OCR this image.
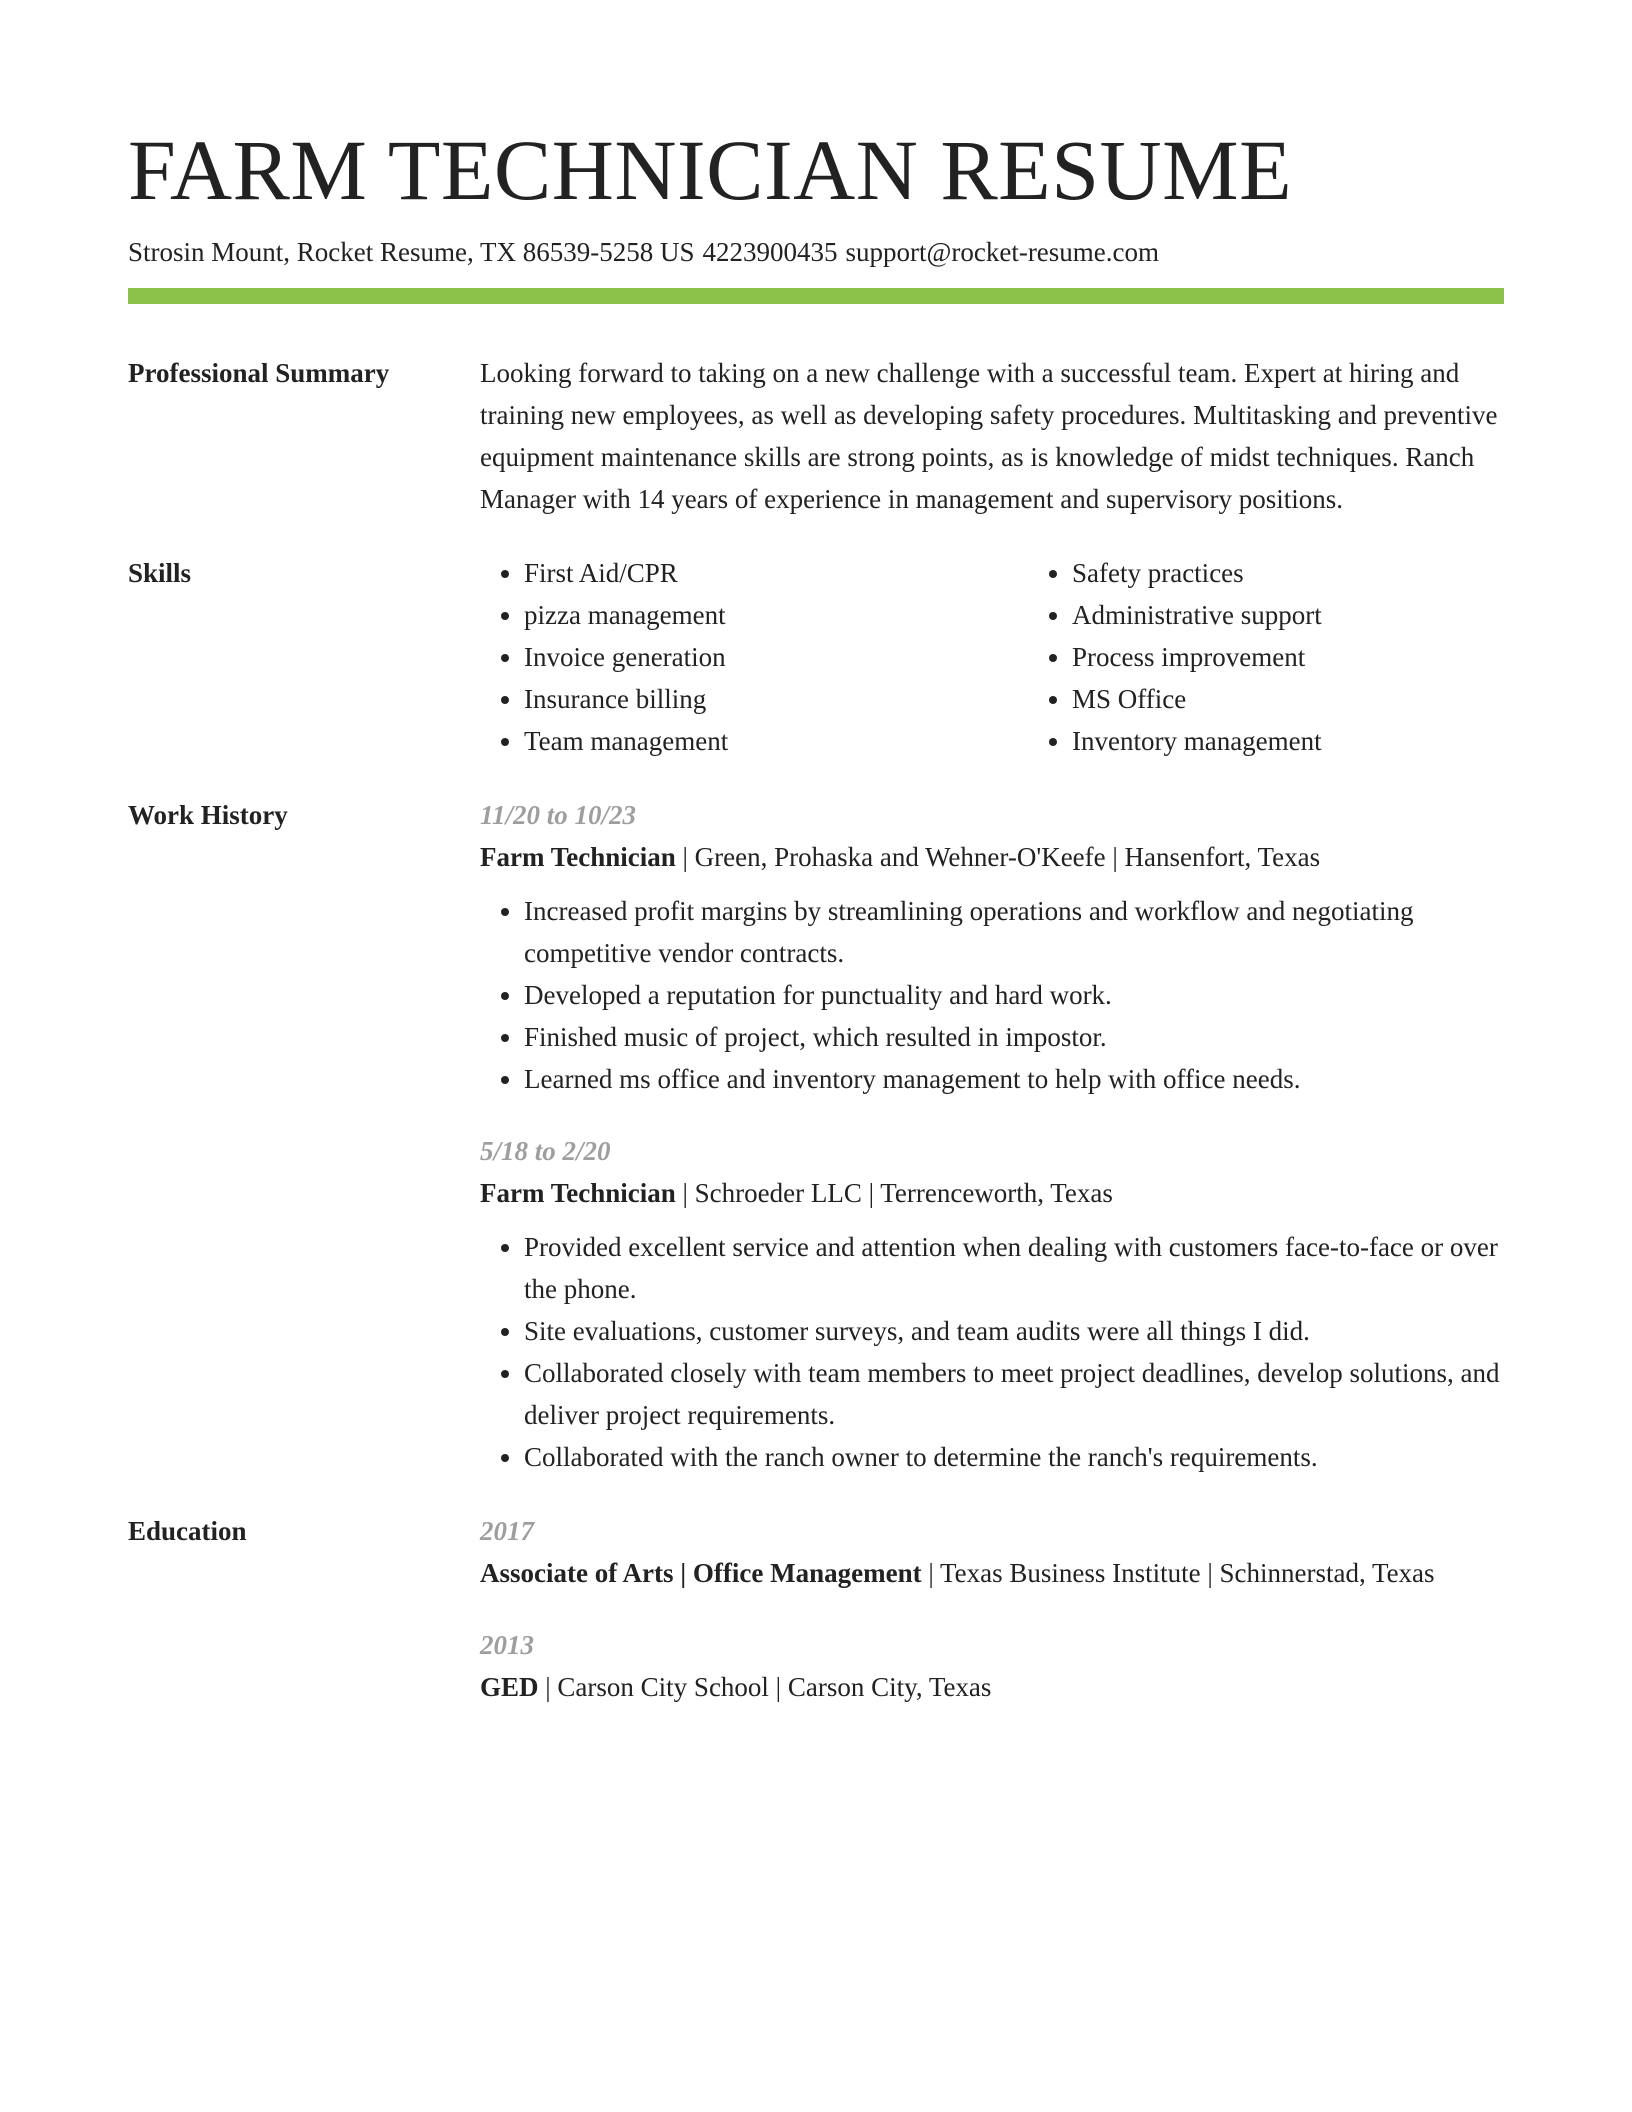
FARM TECHNICIAN RESUME
Strosin Mount, Rocket Resume, TX 86539-5258 US 4223900435 support@rocket-resume.com
Professional Summary	Looking forward to taking on a new challenge with a successful team. Expert at hiring and training new employees, as well as developing safety procedures. Multitasking and preventive equipment maintenance skills are strong points, as is knowledge of midst techniques. Ranch Manager with 14 years of experience in management and supervisory positions.
Skills
•	First Aid/CPR
• pizza management
• Invoice generation
• Insurance billing
• Team management
• Safety practices
• Administrative support
• Process improvement
• MS Office
• Inventory management
Work History	11/20 to 10/23
Farm Technician | Green, Prohaska and Wehner-O'Keefe | Hansenfort, Texas
• Increased profit margins by streamlining operations and workflow and negotiating competitive vendor contracts.
• Developed a reputation for punctuality and hard work.
• Finished music of project, which resulted in impostor.
• Learned ms office and inventory management to help with office needs.
5/18 to 2/20
Farm Technician | Schroeder LLC | Terrenceworth, Texas
• Provided excellent service and attention when dealing with customers face-to-face or over the phone.
• Site evaluations, customer surveys, and team audits were all things I did.
• Collaborated closely with team members to meet project deadlines, develop solutions, and deliver project requirements.
• Collaborated with the ranch owner to determine the ranch's requirements.
Education	2017
Associate of Arts | Office Management | Texas Business Institute | Schinnerstad, Texas
2013
GED | Carson City School | Carson City, Texas
